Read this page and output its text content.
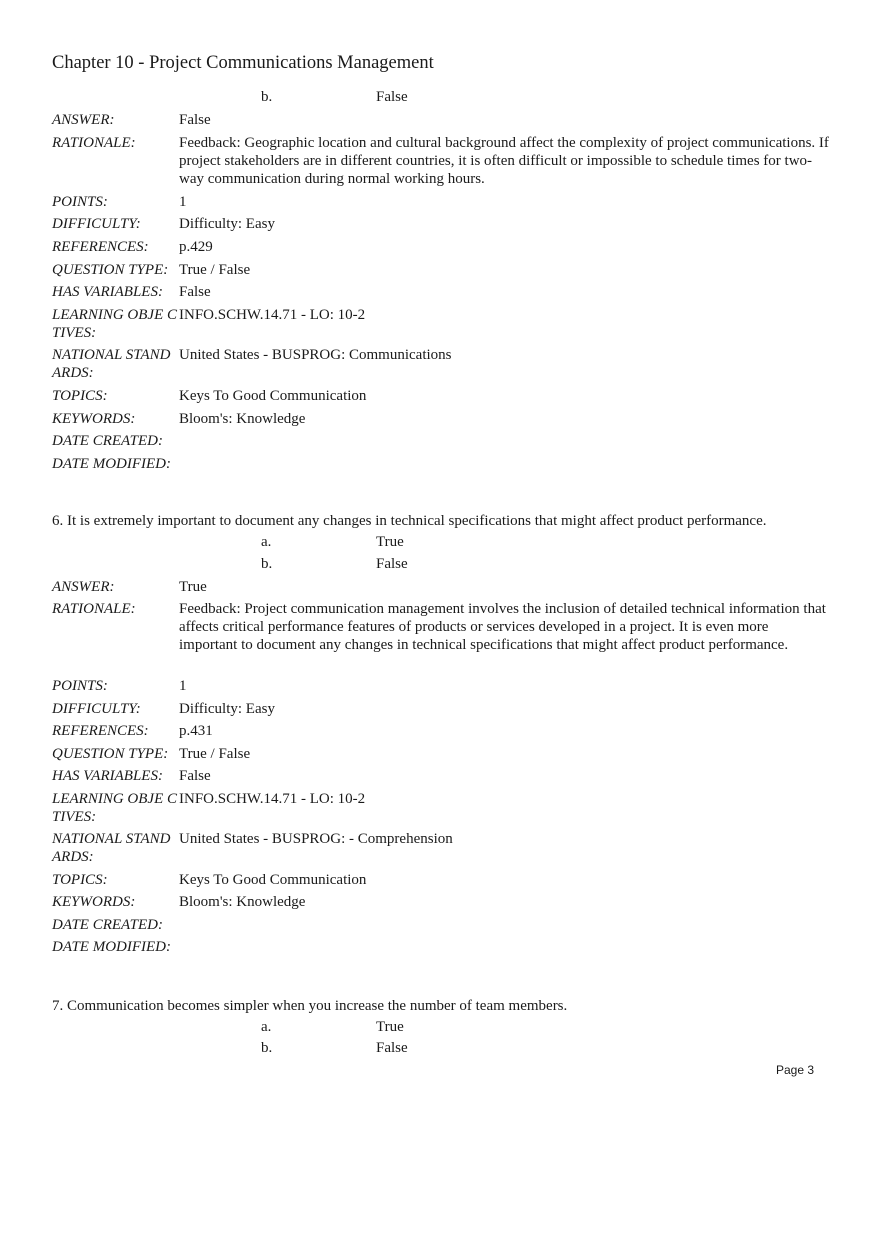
Chapter 10 - Project Communications Management
b.	False
ANSWER:	False
RATIONALE:	Feedback: Geographic location and cultural background affect the complexity of project communications. If project stakeholders are in different countries, it is often difficult or impossible to schedule times for two-way communication during normal working hours.
POINTS:	1
DIFFICULTY:	Difficulty: Easy
REFERENCES:	p.429
QUESTION TYPE: True / False
HAS VARIABLES:	False
LEARNING OBJE CTIVES:
INFO.SCHW.14.71 - LO: 10-2
NATIONAL STAND ARDS:
United States - BUSPROG: Communications
TOPICS:	Keys To Good Communication
KEYWORDS:	Bloom's: Knowledge
DATE CREATED:
DATE MODIFIED:
6. It is extremely important to document any changes in technical specifications that might affect product performance.
a.	True
b.	False
ANSWER:	True
RATIONALE:	Feedback: Project communication management involves the inclusion of detailed technical information that affects critical performance features of products or services developed in a project. It is even more important to document any changes in technical specifications that might affect product performance.
POINTS:	1
DIFFICULTY:	Difficulty: Easy
REFERENCES:	p.431
QUESTION TYPE: True / False
HAS VARIABLES:	False
LEARNING OBJE CTIVES:
INFO.SCHW.14.71 - LO: 10-2
NATIONAL STAND ARDS:
United States - BUSPROG: - Comprehension
TOPICS:	Keys To Good Communication
KEYWORDS:	Bloom's: Knowledge
DATE CREATED:
DATE MODIFIED:
7. Communication becomes simpler when you increase the number of team members.
a.	True
b.	False
Page 3
